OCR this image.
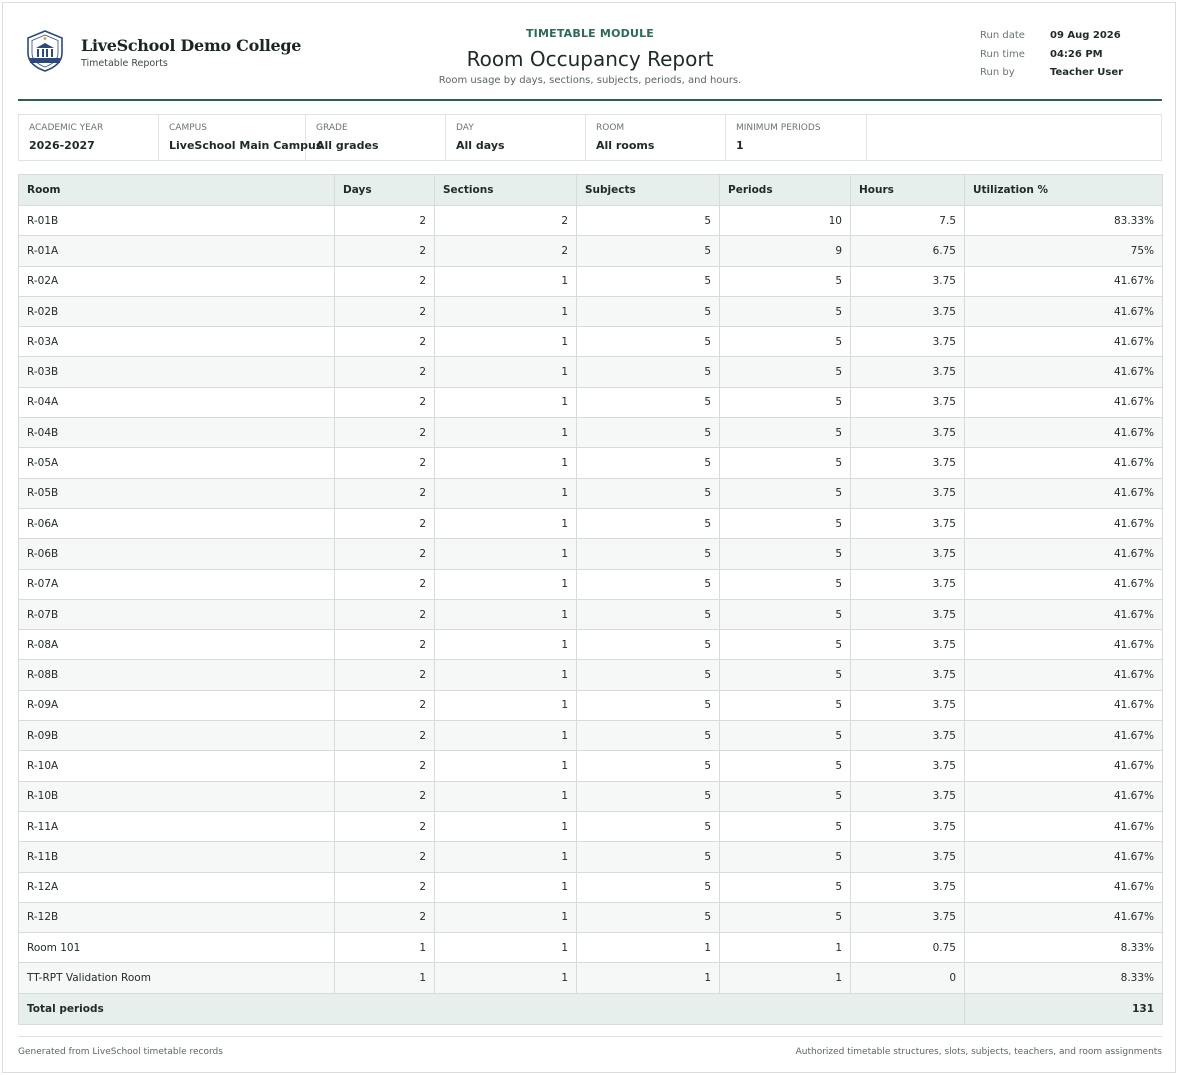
LiveSchool Demo College
Timetable Reports
TIMETABLE MODULE
Room Occupancy Report
Room usage by days, sections, subjects, periods, and hours.
Run date	09 Aug 2026
Run time	04:26 PM
Run by	Teacher User
ACADEMIC YEAR
2026-2027
CAMPUS
LiveSchool Main Campus
GRADE
All grades
DAY
All days
ROOM
All rooms
MINIMUM PERIODS
1
Room	Days	Sections	Subjects	Periods	Hours	Utilization %
R-01B	2	2	5	10	7.5	83.33%
R-01A	2	2	5	9	6.75	75%
R-02A	2	1	5	5	3.75	41.67%
R-02B	2	1	5	5	3.75	41.67%
R-03A	2	1	5	5	3.75	41.67%
R-03B	2	1	5	5	3.75	41.67%
R-04A	2	1	5	5	3.75	41.67%
R-04B	2	1	5	5	3.75	41.67%
R-05A	2	1	5	5	3.75	41.67%
R-05B	2	1	5	5	3.75	41.67%
R-06A	2	1	5	5	3.75	41.67%
R-06B	2	1	5	5	3.75	41.67%
R-07A	2	1	5	5	3.75	41.67%
R-07B	2	1	5	5	3.75	41.67%
R-08A	2	1	5	5	3.75	41.67%
R-08B	2	1	5	5	3.75	41.67%
R-09A	2	1	5	5	3.75	41.67%
R-09B	2	1	5	5	3.75	41.67%
R-10A	2	1	5	5	3.75	41.67%
R-10B	2	1	5	5	3.75	41.67%
R-11A	2	1	5	5	3.75	41.67%
R-11B	2	1	5	5	3.75	41.67%
R-12A	2	1	5	5	3.75	41.67%
R-12B	2	1	5	5	3.75	41.67%
Room 101	1	1	1	1	0.75	8.33%
TT-RPT Validation Room	1	1	1	1	0	8.33%
Total periods						131
Generated from LiveSchool timetable records	Authorized timetable structures, slots, subjects, teachers, and room assignments
